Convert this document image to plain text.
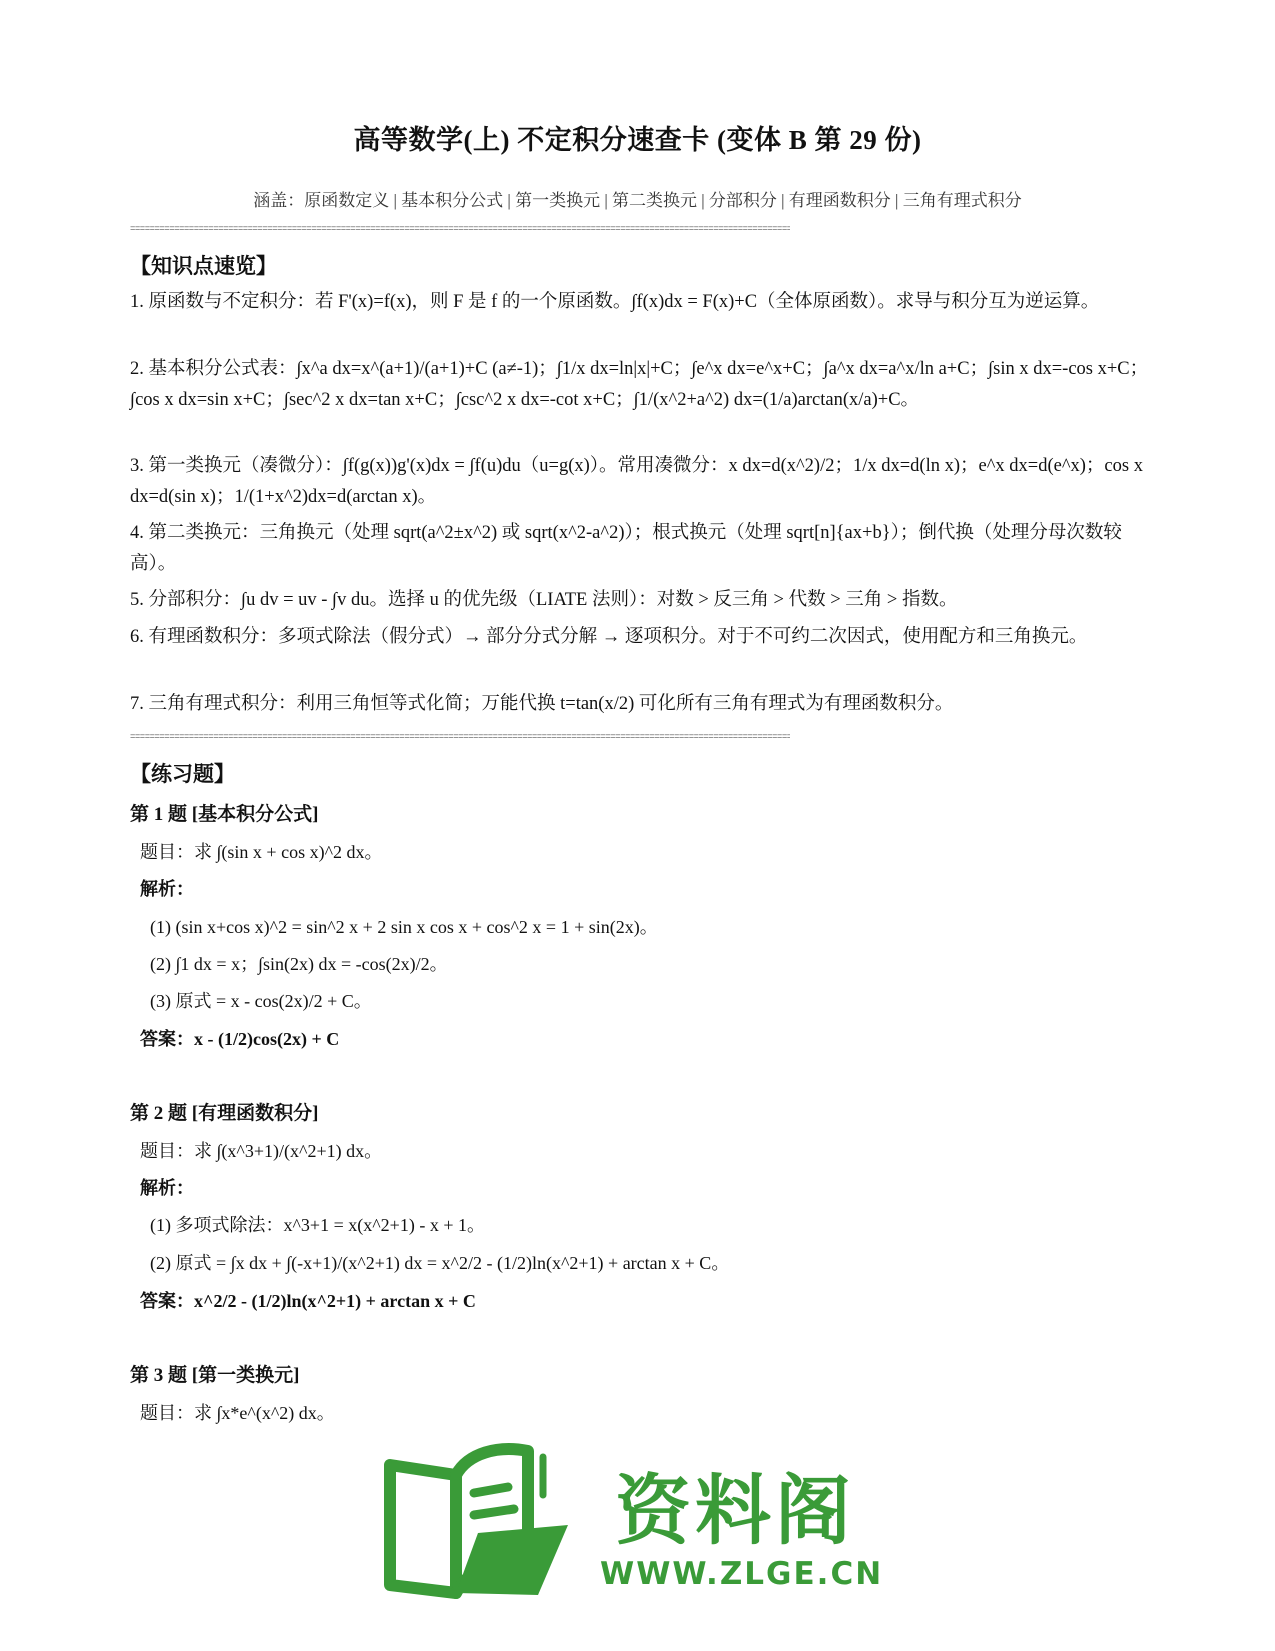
高等数学(上) 不定积分速查卡 (变体 B 第 29 份)
涵盖：原函数定义 | 基本积分公式 | 第一类换元 | 第二类换元 | 分部积分 | 有理函数积分 | 三角有理式积分
=====
【知识点速览】
1. 原函数与不定积分：若 F'(x)=f(x)，则 F 是 f 的一个原函数。∫f(x)dx = F(x)+C（全体原函数）。求导与积分互为逆运算。
2. 基本积分公式表：∫x^a dx=x^(a+1)/(a+1)+C (a≠-1)；∫1/x dx=ln|x|+C；∫e^x dx=e^x+C；∫a^x dx=a^x/ln a+C；∫sin x dx=-cos x+C；∫cos x dx=sin x+C；∫sec^2 x dx=tan x+C；∫csc^2 x dx=-cot x+C；∫1/(x^2+a^2) dx=(1/a)arctan(x/a)+C。
3. 第一类换元（凑微分）：∫f(g(x))g'(x)dx = ∫f(u)du（u=g(x)）。常用凑微分：x dx=d(x^2)/2；1/x dx=d(ln x)；e^x dx=d(e^x)；cos x dx=d(sin x)；1/(1+x^2)dx=d(arctan x)。
4. 第二类换元：三角换元（处理 sqrt(a^2±x^2) 或 sqrt(x^2-a^2)）；根式换元（处理 sqrt[n]{ax+b}）；倒代换（处理分母次数较高）。
5. 分部积分：∫u dv = uv - ∫v du。选择 u 的优先级（LIATE 法则）：对数 > 反三角 > 代数 > 三角 > 指数。
6. 有理函数积分：多项式除法（假分式）→ 部分分式分解 → 逐项积分。对于不可约二次因式，使用配方和三角换元。
7. 三角有理式积分：利用三角恒等式化简；万能代换 t=tan(x/2) 可化所有三角有理式为有理函数积分。
=====
【练习题】
第 1 题 [基本积分公式]
题目：求 ∫(sin x + cos x)^2 dx。
解析：
(1) (sin x+cos x)^2 = sin^2 x + 2 sin x cos x + cos^2 x = 1 + sin(2x)。
(2) ∫1 dx = x；∫sin(2x) dx = -cos(2x)/2。
(3) 原式 = x - cos(2x)/2 + C。
答案：x - (1/2)cos(2x) + C
第 2 题 [有理函数积分]
题目：求 ∫(x^3+1)/(x^2+1) dx。
解析：
(1) 多项式除法：x^3+1 = x(x^2+1) - x + 1。
(2) 原式 = ∫x dx + ∫(-x+1)/(x^2+1) dx = x^2/2 - (1/2)ln(x^2+1) + arctan x + C。
答案：x^2/2 - (1/2)ln(x^2+1) + arctan x + C
第 3 题 [第一类换元]
题目：求 ∫x*e^(x^2) dx。
资料阁
WWW.ZLGE.CN
